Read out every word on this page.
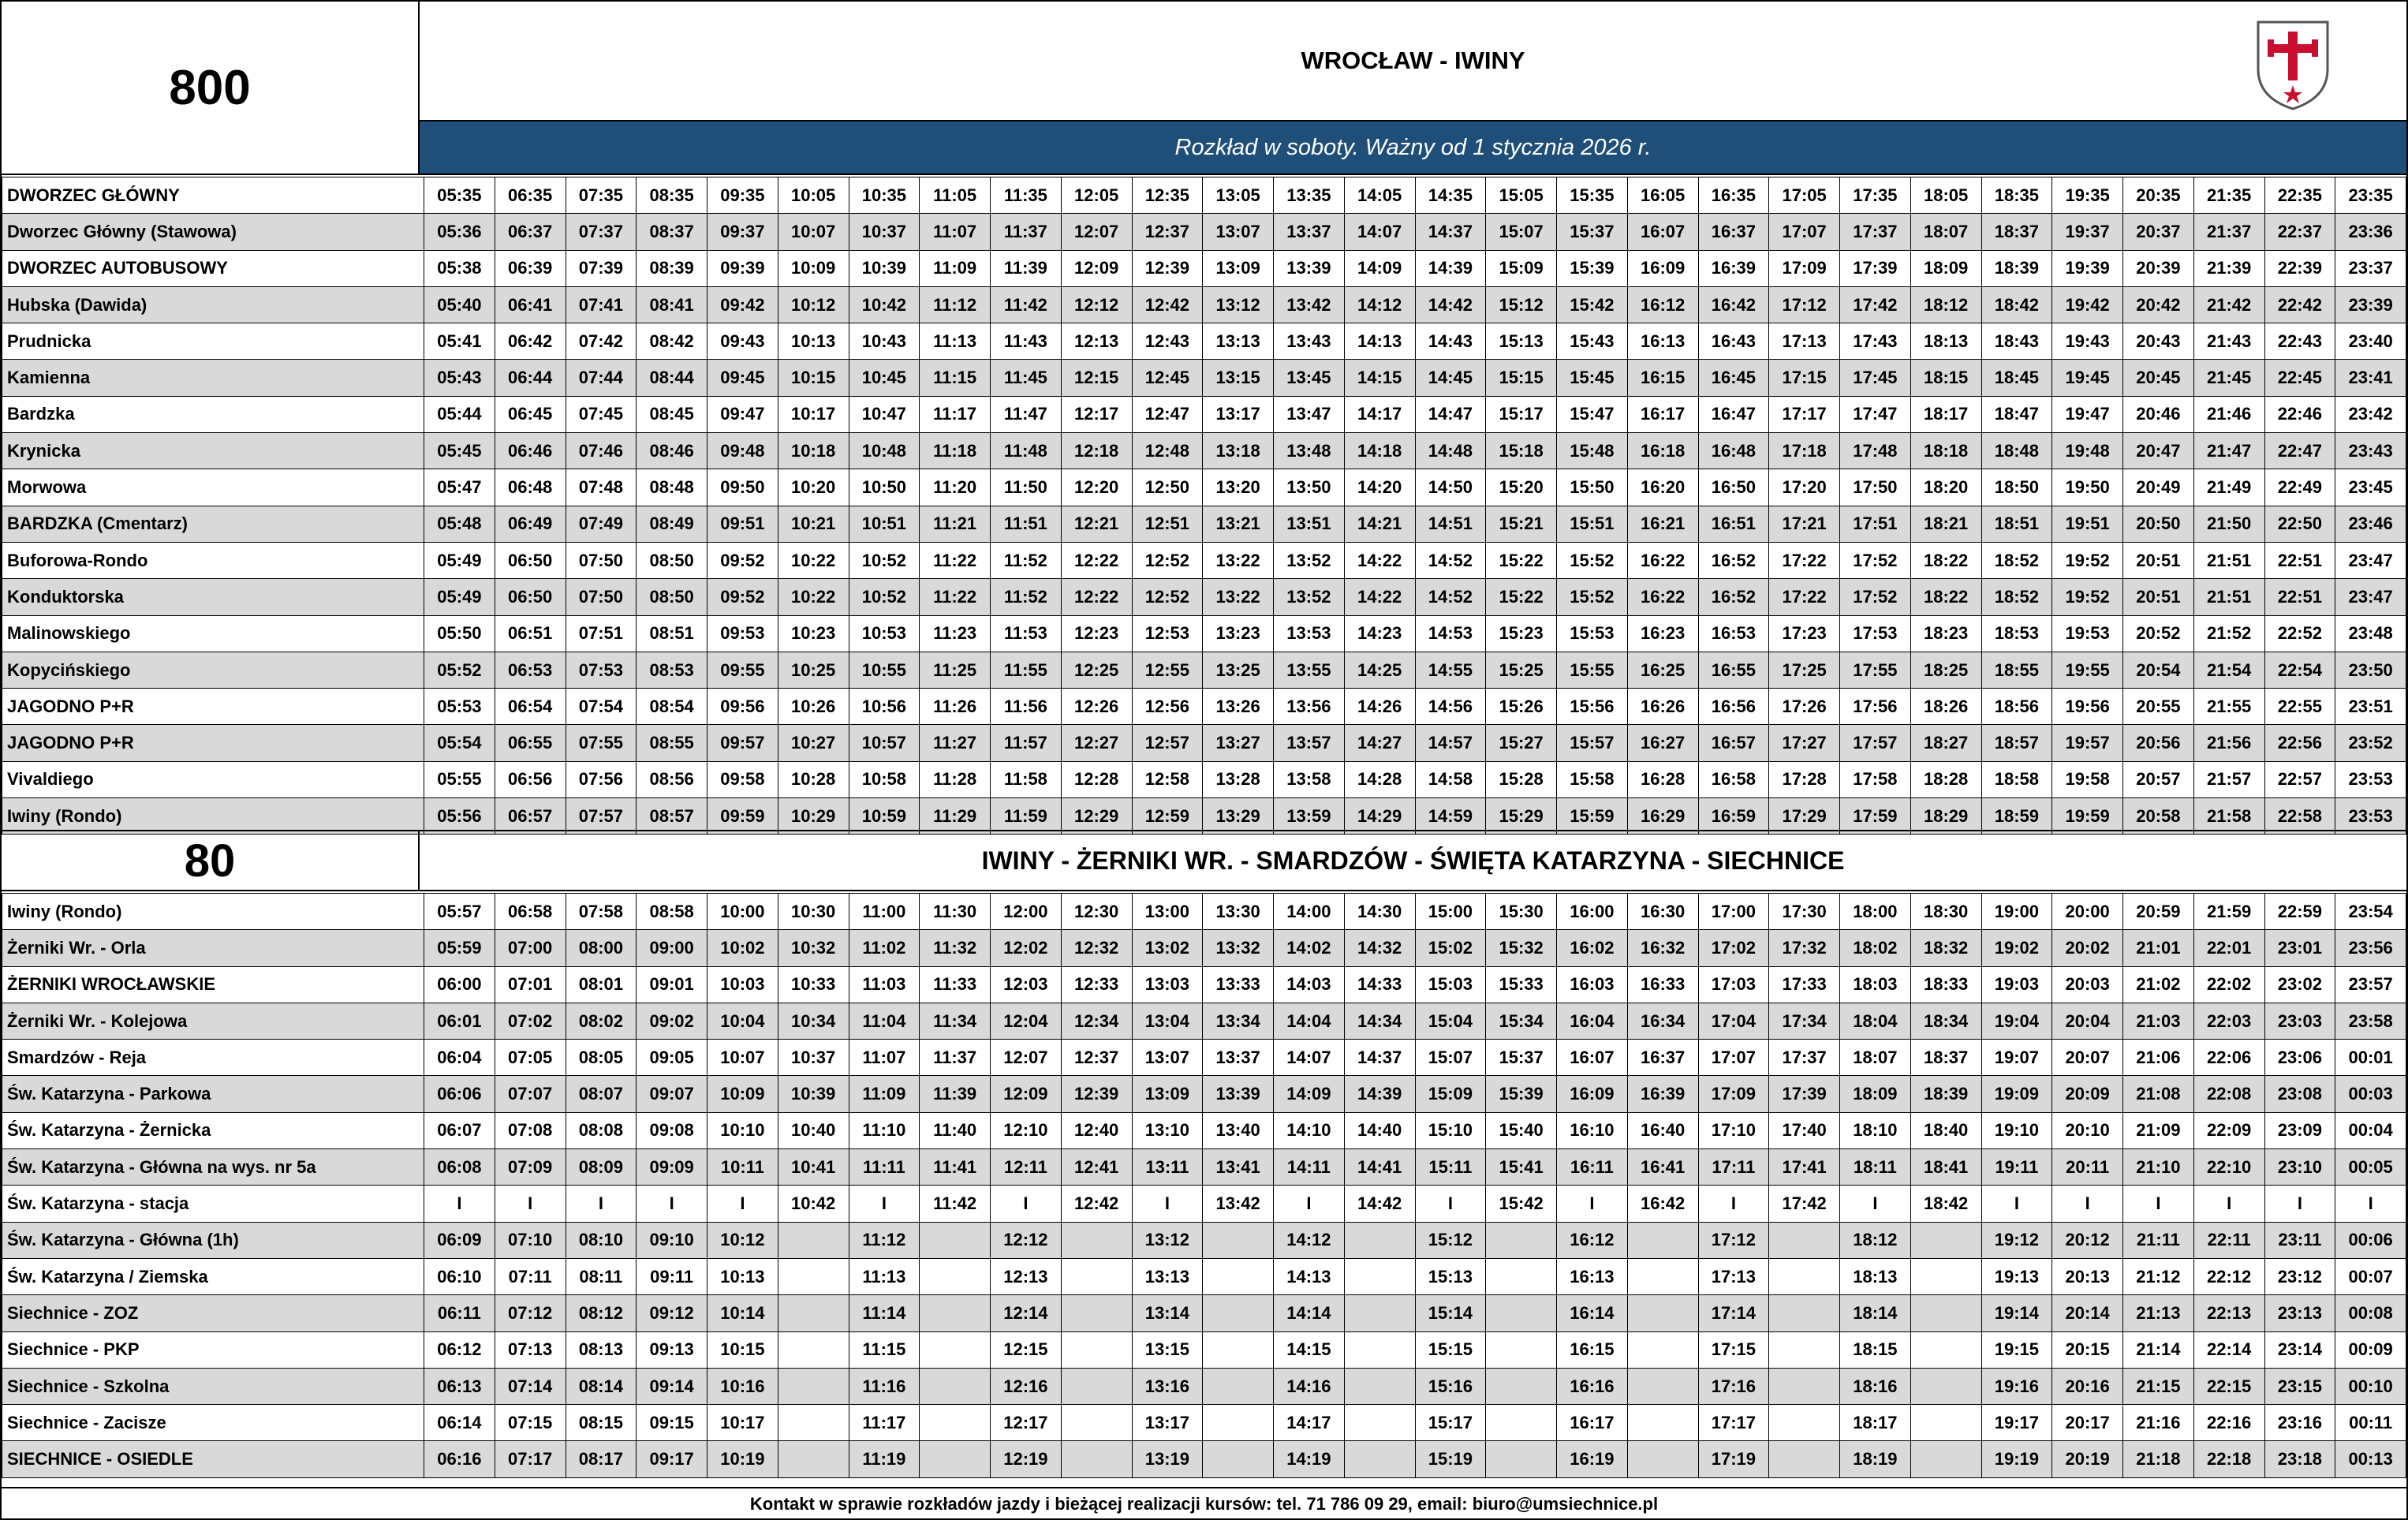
800	WROCŁAW - IWINY
Rozkład w soboty. Ważny od 1 stycznia 2026 r.
DWORZEC GŁÓWNY	05:35	06:35	07:35	08:35	09:35	10:05	10:35	11:05	11:35	12:05	12:35	13:05	13:35	14:05	14:35	15:05	15:35	16:05	16:35	17:05	17:35	18:05	18:35	19:35	20:35	21:35	22:35	23:35
Dworzec Główny (Stawowa)	05:36	06:37	07:37	08:37	09:37	10:07	10:37	11:07	11:37	12:07	12:37	13:07	13:37	14:07	14:37	15:07	15:37	16:07	16:37	17:07	17:37	18:07	18:37	19:37	20:37	21:37	22:37	23:36
DWORZEC AUTOBUSOWY	05:38	06:39	07:39	08:39	09:39	10:09	10:39	11:09	11:39	12:09	12:39	13:09	13:39	14:09	14:39	15:09	15:39	16:09	16:39	17:09	17:39	18:09	18:39	19:39	20:39	21:39	22:39	23:37
Hubska (Dawida)	05:40	06:41	07:41	08:41	09:42	10:12	10:42	11:12	11:42	12:12	12:42	13:12	13:42	14:12	14:42	15:12	15:42	16:12	16:42	17:12	17:42	18:12	18:42	19:42	20:42	21:42	22:42	23:39
Prudnicka	05:41	06:42	07:42	08:42	09:43	10:13	10:43	11:13	11:43	12:13	12:43	13:13	13:43	14:13	14:43	15:13	15:43	16:13	16:43	17:13	17:43	18:13	18:43	19:43	20:43	21:43	22:43	23:40
Kamienna	05:43	06:44	07:44	08:44	09:45	10:15	10:45	11:15	11:45	12:15	12:45	13:15	13:45	14:15	14:45	15:15	15:45	16:15	16:45	17:15	17:45	18:15	18:45	19:45	20:45	21:45	22:45	23:41
Bardzka	05:44	06:45	07:45	08:45	09:47	10:17	10:47	11:17	11:47	12:17	12:47	13:17	13:47	14:17	14:47	15:17	15:47	16:17	16:47	17:17	17:47	18:17	18:47	19:47	20:46	21:46	22:46	23:42
Krynicka	05:45	06:46	07:46	08:46	09:48	10:18	10:48	11:18	11:48	12:18	12:48	13:18	13:48	14:18	14:48	15:18	15:48	16:18	16:48	17:18	17:48	18:18	18:48	19:48	20:47	21:47	22:47	23:43
Morwowa	05:47	06:48	07:48	08:48	09:50	10:20	10:50	11:20	11:50	12:20	12:50	13:20	13:50	14:20	14:50	15:20	15:50	16:20	16:50	17:20	17:50	18:20	18:50	19:50	20:49	21:49	22:49	23:45
BARDZKA (Cmentarz)	05:48	06:49	07:49	08:49	09:51	10:21	10:51	11:21	11:51	12:21	12:51	13:21	13:51	14:21	14:51	15:21	15:51	16:21	16:51	17:21	17:51	18:21	18:51	19:51	20:50	21:50	22:50	23:46
Buforowa-Rondo	05:49	06:50	07:50	08:50	09:52	10:22	10:52	11:22	11:52	12:22	12:52	13:22	13:52	14:22	14:52	15:22	15:52	16:22	16:52	17:22	17:52	18:22	18:52	19:52	20:51	21:51	22:51	23:47
Konduktorska	05:49	06:50	07:50	08:50	09:52	10:22	10:52	11:22	11:52	12:22	12:52	13:22	13:52	14:22	14:52	15:22	15:52	16:22	16:52	17:22	17:52	18:22	18:52	19:52	20:51	21:51	22:51	23:47
Malinowskiego	05:50	06:51	07:51	08:51	09:53	10:23	10:53	11:23	11:53	12:23	12:53	13:23	13:53	14:23	14:53	15:23	15:53	16:23	16:53	17:23	17:53	18:23	18:53	19:53	20:52	21:52	22:52	23:48
Kopycińskiego	05:52	06:53	07:53	08:53	09:55	10:25	10:55	11:25	11:55	12:25	12:55	13:25	13:55	14:25	14:55	15:25	15:55	16:25	16:55	17:25	17:55	18:25	18:55	19:55	20:54	21:54	22:54	23:50
JAGODNO P+R	05:53	06:54	07:54	08:54	09:56	10:26	10:56	11:26	11:56	12:26	12:56	13:26	13:56	14:26	14:56	15:26	15:56	16:26	16:56	17:26	17:56	18:26	18:56	19:56	20:55	21:55	22:55	23:51
JAGODNO P+R	05:54	06:55	07:55	08:55	09:57	10:27	10:57	11:27	11:57	12:27	12:57	13:27	13:57	14:27	14:57	15:27	15:57	16:27	16:57	17:27	17:57	18:27	18:57	19:57	20:56	21:56	22:56	23:52
Vivaldiego	05:55	06:56	07:56	08:56	09:58	10:28	10:58	11:28	11:58	12:28	12:58	13:28	13:58	14:28	14:58	15:28	15:58	16:28	16:58	17:28	17:58	18:28	18:58	19:58	20:57	21:57	22:57	23:53
Iwiny (Rondo)	05:56	06:57	07:57	08:57	09:59	10:29	10:59	11:29	11:59	12:29	12:59	13:29	13:59	14:29	14:59	15:29	15:59	16:29	16:59	17:29	17:59	18:29	18:59	19:59	20:58	21:58	22:58	23:53
80	IWINY - ŻERNIKI WR. - SMARDZÓW - ŚWIĘTA KATARZYNA - SIECHNICE
Iwiny (Rondo)	05:57	06:58	07:58	08:58	10:00	10:30	11:00	11:30	12:00	12:30	13:00	13:30	14:00	14:30	15:00	15:30	16:00	16:30	17:00	17:30	18:00	18:30	19:00	20:00	20:59	21:59	22:59	23:54
Żerniki Wr. - Orla	05:59	07:00	08:00	09:00	10:02	10:32	11:02	11:32	12:02	12:32	13:02	13:32	14:02	14:32	15:02	15:32	16:02	16:32	17:02	17:32	18:02	18:32	19:02	20:02	21:01	22:01	23:01	23:56
ŻERNIKI WROCŁAWSKIE	06:00	07:01	08:01	09:01	10:03	10:33	11:03	11:33	12:03	12:33	13:03	13:33	14:03	14:33	15:03	15:33	16:03	16:33	17:03	17:33	18:03	18:33	19:03	20:03	21:02	22:02	23:02	23:57
Żerniki Wr. - Kolejowa	06:01	07:02	08:02	09:02	10:04	10:34	11:04	11:34	12:04	12:34	13:04	13:34	14:04	14:34	15:04	15:34	16:04	16:34	17:04	17:34	18:04	18:34	19:04	20:04	21:03	22:03	23:03	23:58
Smardzów - Reja	06:04	07:05	08:05	09:05	10:07	10:37	11:07	11:37	12:07	12:37	13:07	13:37	14:07	14:37	15:07	15:37	16:07	16:37	17:07	17:37	18:07	18:37	19:07	20:07	21:06	22:06	23:06	00:01
Św. Katarzyna - Parkowa	06:06	07:07	08:07	09:07	10:09	10:39	11:09	11:39	12:09	12:39	13:09	13:39	14:09	14:39	15:09	15:39	16:09	16:39	17:09	17:39	18:09	18:39	19:09	20:09	21:08	22:08	23:08	00:03
Św. Katarzyna - Żernicka	06:07	07:08	08:08	09:08	10:10	10:40	11:10	11:40	12:10	12:40	13:10	13:40	14:10	14:40	15:10	15:40	16:10	16:40	17:10	17:40	18:10	18:40	19:10	20:10	21:09	22:09	23:09	00:04
Św. Katarzyna - Główna na wys. nr 5a	06:08	07:09	08:09	09:09	10:11	10:41	11:11	11:41	12:11	12:41	13:11	13:41	14:11	14:41	15:11	15:41	16:11	16:41	17:11	17:41	18:11	18:41	19:11	20:11	21:10	22:10	23:10	00:05
Św. Katarzyna - stacja	I	I	I	I	I	10:42	I	11:42	I	12:42	I	13:42	I	14:42	I	15:42	I	16:42	I	17:42	I	18:42	I	I	I	I	I	I
Św. Katarzyna - Główna (1h)	06:09	07:10	08:10	09:10	10:12		11:12		12:12		13:12		14:12		15:12		16:12		17:12		18:12		19:12	20:12	21:11	22:11	23:11	00:06
Św. Katarzyna / Ziemska	06:10	07:11	08:11	09:11	10:13		11:13		12:13		13:13		14:13		15:13		16:13		17:13		18:13		19:13	20:13	21:12	22:12	23:12	00:07
Siechnice - ZOZ	06:11	07:12	08:12	09:12	10:14		11:14		12:14		13:14		14:14		15:14		16:14		17:14		18:14		19:14	20:14	21:13	22:13	23:13	00:08
Siechnice - PKP	06:12	07:13	08:13	09:13	10:15		11:15		12:15		13:15		14:15		15:15		16:15		17:15		18:15		19:15	20:15	21:14	22:14	23:14	00:09
Siechnice - Szkolna	06:13	07:14	08:14	09:14	10:16		11:16		12:16		13:16		14:16		15:16		16:16		17:16		18:16		19:16	20:16	21:15	22:15	23:15	00:10
Siechnice - Zacisze	06:14	07:15	08:15	09:15	10:17		11:17		12:17		13:17		14:17		15:17		16:17		17:17		18:17		19:17	20:17	21:16	22:16	23:16	00:11
SIECHNICE - OSIEDLE	06:16	07:17	08:17	09:17	10:19		11:19		12:19		13:19		14:19		15:19		16:19		17:19		18:19		19:19	20:19	21:18	22:18	23:18	00:13
Kontakt w sprawie rozkładów jazdy i bieżącej realizacji kursów: tel. 71 786 09 29, email: biuro@umsiechnice.pl
